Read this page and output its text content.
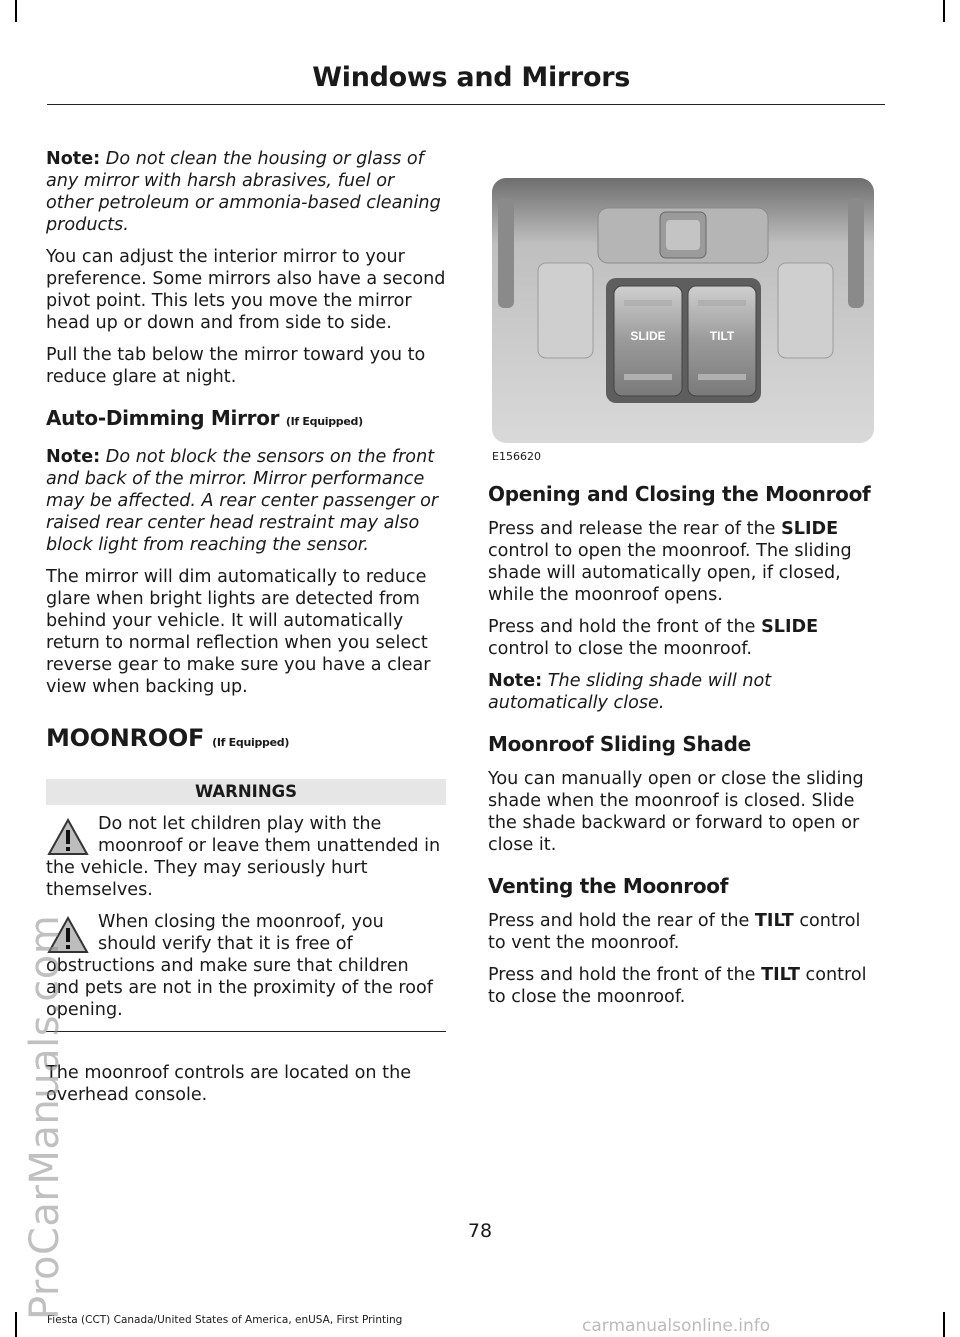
Windows and Mirrors

Note: Do not clean the housing or glass of any mirror with harsh abrasives, fuel or other petroleum or ammonia-based cleaning products.

You can adjust the interior mirror to your preference. Some mirrors also have a second pivot point. This lets you move the mirror head up or down and from side to side.

Pull the tab below the mirror toward you to reduce glare at night.

Auto-Dimming Mirror (If Equipped)

Note: Do not block the sensors on the front and back of the mirror. Mirror performance may be affected. A rear center passenger or raised rear center head restraint may also block light from reaching the sensor.

The mirror will dim automatically to reduce glare when bright lights are detected from behind your vehicle. It will automatically return to normal reflection when you select reverse gear to make sure you have a clear view when backing up.

MOONROOF (If Equipped)
WARNINGS
Do not let children play with the moonroof or leave them unattended in the vehicle. They may seriously hurt themselves.
When closing the moonroof, you should verify that it is free of obstructions and make sure that children and pets are not in the proximity of the roof opening.

The moonroof controls are located on the overhead console.

SLIDE	TILT
E156620
Opening and Closing the Moonroof

Press and release the rear of the SLIDE control to open the moonroof. The sliding shade will automatically open, if closed, while the moonroof opens.

Press and hold the front of the SLIDE control to close the moonroof.

Note: The sliding shade will not automatically close.

Moonroof Sliding Shade

You can manually open or close the sliding shade when the moonroof is closed. Slide the shade backward or forward to open or close it.

Venting the Moonroof

Press and hold the rear of the TILT control to vent the moonroof.

Press and hold the front of the TILT control to close the moonroof.

78
Fiesta (CCT) Canada/United States of America, enUSA, First Printing
ProCarManuals.com
carmanualsonline.info
